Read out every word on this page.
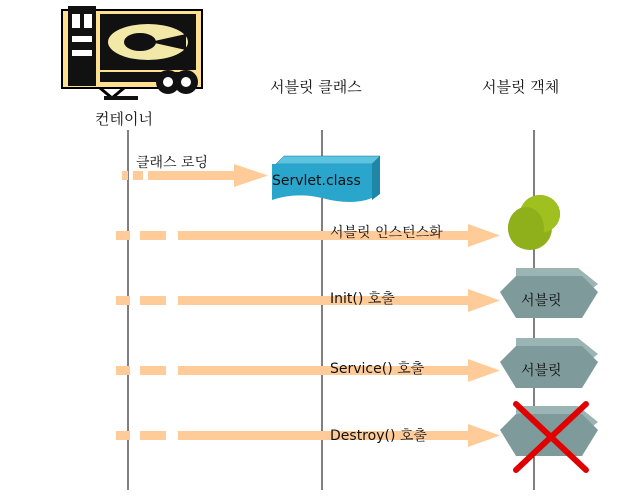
컨테이너
서블릿 클래스	서블릿 객체
클래스 로딩
서블릿 인스턴스화
Init() 호출
Service() 호출
Destroy() 호출
Servlet.class
서블릿
서블릿
